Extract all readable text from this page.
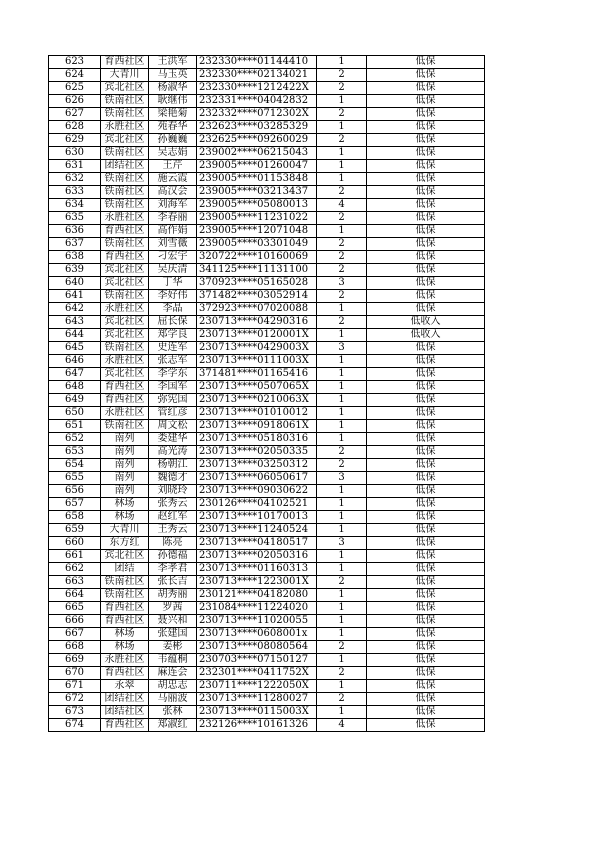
623	育西社区	王洪军	232330****01144410	1	低保
624	大青川	马玉英	232330****02134021	2	低保
625	宾北社区	杨淑华	232330****1212422X	2	低保
626	铁南社区	耿继伟	232331****04042832	1	低保
627	铁南社区	梁艳菊	232332****0712302X	2	低保
628	永胜社区	苑春华	232623****03285329	1	低保
629	宾北社区	孙巍巍	232625****09260029	2	低保
630	铁南社区	吴志娟	239002****06215043	1	低保
631	团结社区	王芹	239005****01260047	1	低保
632	铁南社区	施云霞	239005****01153848	1	低保
633	铁南社区	高汉会	239005****03213437	2	低保
634	铁南社区	刘海军	239005****05080013	4	低保
635	永胜社区	李春丽	239005****11231022	2	低保
636	育西社区	高作娟	239005****12071048	1	低保
637	铁南社区	刘雪薇	239005****03301049	2	低保
638	育西社区	刁宏宇	320722****10160069	2	低保
639	宾北社区	吴庆清	341125****11131100	2	低保
640	宾北社区	丁华	370923****05165028	3	低保
641	铁南社区	李好伟	371482****03052914	2	低保
642	永胜社区	李晶	372923****07020088	1	低保
643	宾北社区	屈长保	230713****04290316	2	低收入
644	宾北社区	郑学良	230713****0120001X	1	低收入
645	铁南社区	史连军	230713****0429003X	3	低保
646	永胜社区	张志军	230713****0111003X	1	低保
647	宾北社区	李学东	371481****01165416	1	低保
648	育西社区	李国军	230713****0507065X	1	低保
649	育西社区	弥宪国	230713****0210063X	1	低保
650	永胜社区	管红彦	230713****01010012	1	低保
651	铁南社区	周文松	230713****0918061X	1	低保
652	南列	娄建华	230713****05180316	1	低保
653	南列	高光涛	230713****02050335	2	低保
654	南列	杨朝江	230713****03250312	2	低保
655	南列	魏德才	230713****06050617	3	低保
656	南列	刘晓玲	230713****09030622	1	低保
657	林场	张秀云	230126****04102521	1	低保
658	林场	赵红军	230713****10170013	1	低保
659	大青川	王秀云	230713****11240524	1	低保
660	东方红	陈亮	230713****04180517	3	低保
661	宾北社区	孙德福	230713****02050316	1	低保
662	团结	李孝君	230713****01160313	1	低保
663	铁南社区	张长吉	230713****1223001X	2	低保
664	铁南社区	胡秀丽	230121****04182080	1	低保
665	育西社区	罗茜	231084****11224020	1	低保
666	育西社区	聂兴和	230713****11020055	1	低保
667	林场	张建国	230713****0608001x	1	低保
668	林场	姜彬	230713****08080564	2	低保
669	永胜社区	韦蕴桐	230703****07150127	1	低保
670	育西社区	麻连会	232301****0411752X	2	低保
671	永翠	胡忠志	230711****1222050X	1	低保
672	团结社区	马丽波	230713****11280027	2	低保
673	团结社区	张林	230713****0115003X	1	低保
674	育西社区	郑淑红	232126****10161326	4	低保
